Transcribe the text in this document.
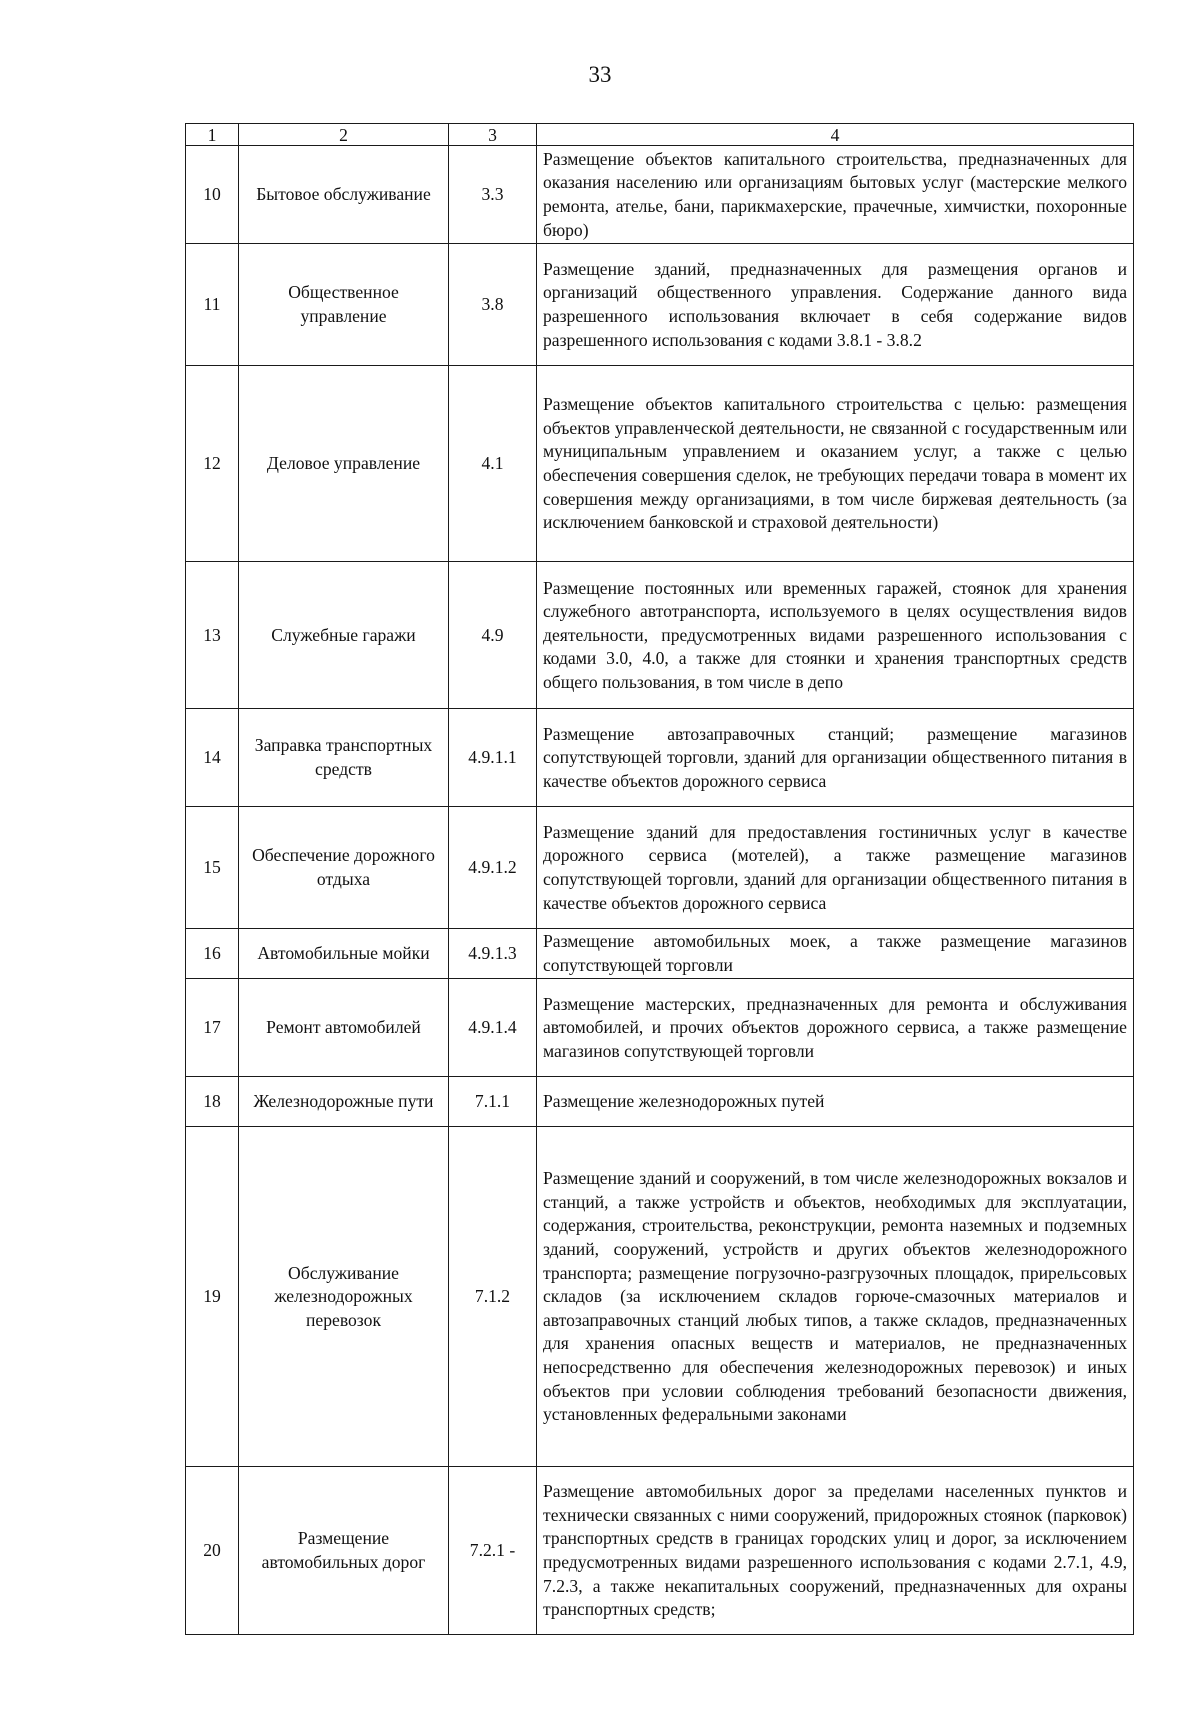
33
1	2	3	4
10	Бытовое обслуживание	3.3	Размещение объектов капитального строительства, предназначенных для оказания населению или организациям бытовых услуг (мастерские мелкого ремонта, ателье, бани, парикмахерские, прачечные, химчистки, похоронные бюро)
11	Общественное управление	3.8	Размещение зданий, предназначенных для размещения органов и организаций общественного управления. Содержание данного вида разрешенного использования включает в себя содержание видов разрешенного использования с кодами 3.8.1 - 3.8.2
12	Деловое управление	4.1	Размещение объектов капитального строительства с целью: размещения объектов управленческой деятельности, не связанной с государственным или муниципальным управлением и оказанием услуг, а также с целью обеспечения совершения сделок, не требующих передачи товара в момент их совершения между организациями, в том числе биржевая деятельность (за исключением банковской и страховой деятельности)
13	Служебные гаражи	4.9	Размещение постоянных или временных гаражей, стоянок для хранения служебного автотранспорта, используемого в целях осуществления видов деятельности, предусмотренных видами разрешенного использования с кодами 3.0, 4.0, а также для стоянки и хранения транспортных средств общего пользования, в том числе в депо
14	Заправка транспортных средств	4.9.1.1	Размещение автозаправочных станций; размещение магазинов сопутствующей торговли, зданий для организации общественного питания в качестве объектов дорожного сервиса
15	Обеспечение дорожного отдыха	4.9.1.2	Размещение зданий для предоставления гостиничных услуг в качестве дорожного сервиса (мотелей), а также размещение магазинов сопутствующей торговли, зданий для организации общественного питания в качестве объектов дорожного сервиса
16	Автомобильные мойки	4.9.1.3	Размещение автомобильных моек, а также размещение магазинов сопутствующей торговли
17	Ремонт автомобилей	4.9.1.4	Размещение мастерских, предназначенных для ремонта и обслуживания автомобилей, и прочих объектов дорожного сервиса, а также размещение магазинов сопутствующей торговли
18	Железнодорожные пути	7.1.1	Размещение железнодорожных путей
19	Обслуживание железнодорожных перевозок	7.1.2	Размещение зданий и сооружений, в том числе железнодорожных вокзалов и станций, а также устройств и объектов, необходимых для эксплуатации, содержания, строительства, реконструкции, ремонта наземных и подземных зданий, сооружений, устройств и других объектов железнодорожного транспорта; размещение погрузочно-разгрузочных площадок, прирельсовых складов (за исключением складов горюче-смазочных материалов и автозаправочных станций любых типов, а также складов, предназначенных для хранения опасных веществ и материалов, не предназначенных непосредственно для обеспечения железнодорожных перевозок) и иных объектов при условии соблюдения требований безопасности движения, установленных федеральными законами
20	Размещение автомобильных дорог	7.2.1 -	Размещение автомобильных дорог за пределами населенных пунктов и технически связанных с ними сооружений, придорожных стоянок (парковок) транспортных средств в границах городских улиц и дорог, за исключением предусмотренных видами разрешенного использования с кодами 2.7.1, 4.9, 7.2.3, а также некапитальных сооружений, предназначенных для охраны транспортных средств;
